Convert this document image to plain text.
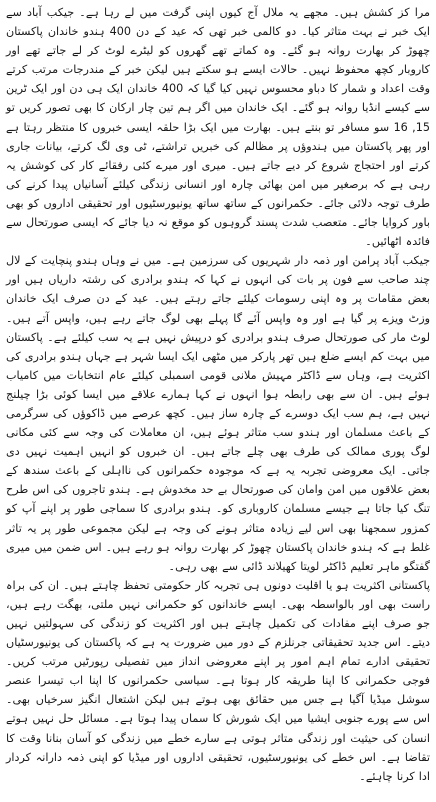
مرا کز کشش ہیں۔ مجھے یہ ملال آج کیوں اپنی گرفت میں لے رہا ہے۔ جیکب آباد سے ایک خبر نے بہت متاثر کیا۔ دو کالمی خبر تھی کہ عید کے دن 400 ہندو خاندان پاکستان چھوڑ کر بھارت روانہ ہو گئے۔ وہ کماتے تھے گھروں کو لیٹرے لوٹ کر لے جاتے تھے اور کاروبار کچھ محفوظ نہیں۔ حالات ایسے ہو سکتے ہیں لیکن خبر کے مندرجات مرتب کرتے وقت اعداد و شمار کا دباو محسوس نہیں کیا گیا کہ 400 خاندان ایک ہی دن اور ایک ٹرین سے کیسے انڈیا روانہ ہو گئے۔ ایک خاندان میں اگر ہم تین چار ارکان کا بھی تصور کریں تو 15, 16 سو مسافر تو بنتے ہیں۔ بھارت میں ایک بڑا حلقہ ایسی خبروں کا منتظر رہتا ہے اور پھر پاکستان میں ہندوؤں پر مظالم کی خبریں تراشتے، ٹی وی لگ کرتے، بیانات جاری کرتے اور احتجاج شروع کر دیے جاتے ہیں۔ میری اور میرے کئی رفقائے کار کی کوشش یہ رہی ہے کہ برصغیر میں امن بھائی چارہ اور انسانی زندگی کیلئے آسانیاں پیدا کرنے کی طرف توجہ دلائی جائے۔ حکمرانوں کے ساتھ ساتھ یونیورسٹیوں اور تحقیقی اداروں کو بھی باور کروایا جائے۔ متعصب شدت پسند گروہوں کو موقع نہ دیا جائے کہ ایسی صورتحال سے فائدہ اٹھائیں۔

جیکب آباد پرامن اور ذمہ دار شہریوں کی سرزمین ہے۔ میں نے وہاں ہندو پنچایت کے لال چند صاحب سے فون پر بات کی انہوں نے کہا کہ ہندو برادری کی رشتہ داریاں ہیں اور بعض مقامات پر وہ اپنی رسومات کیلئے جاتے رہتے ہیں۔ عید کے دن صرف ایک خاندان وزٹ ویزے پر گیا ہے اور وہ واپس آئے گا پہلے بھی لوگ جاتے رہے ہیں، واپس آتے ہیں۔ لوٹ مار کی صورتحال صرف ہندو برادری کو درپیش نہیں ہے یہ سب کیلئے ہے۔ پاکستان میں بہت کم ایسے ضلع ہیں تھر پارکر میں مٹھی ایک ایسا شہر ہے جہاں ہندو برادری کی اکثریت ہے، وہاں سے ڈاکٹر مہیش ملانی قومی اسمبلی کیلئے عام انتخابات میں کامیاب ہوئے ہیں۔ ان سے بھی رابطہ ہوا انہوں نے کہا ہمارے علاقے میں ایسا کوئی بڑا چیلنج نہیں ہے، ہم سب ایک دوسرے کے چارہ ساز ہیں۔ کچھ عرصے میں ڈاکوؤں کی سرگرمی کے باعث مسلمان اور ہندو سب متاثر ہوئے ہیں، ان معاملات کی وجہ سے کئی مکانی لوگ پوری ممالک کی طرف بھی چلے جاتے ہیں۔ ان خبروں کو انہیں اہمیت نہیں دی جاتی۔ ایک معروضی تجربہ یہ ہے کہ موجودہ حکمرانوں کی نااہلی کے باعث سندھ کے بعض علاقوں میں امن وامان کی صورتحال بے حد مخدوش ہے۔ ہندو تاجروں کی اس طرح تنگ کیا جاتا ہے جیسے مسلمان کاروباری کو۔ ہندو برادری کا سماجی طور پر اپنے آپ کو کمزور سمجھنا بھی اس لیے زیادہ متاثر ہونے کی وجہ ہے لیکن مجموعی طور پر یہ تاثر غلط ہے کہ ہندو خاندان پاکستان چھوڑ کر بھارت روانہ ہو رہے ہیں۔ اس ضمن میں میری گفتگو ماہر تعلیم ڈاکٹر لویتا کھیلاند ڈائی سے بھی رہی۔

پاکستانی اکثریت ہو یا اقلیت دونوں ہی تجربہ کار حکومتی تحفظ چاہتے ہیں۔ ان کی براہ راست بھی اور بالواسطہ بھی۔ ایسے خاندانوں کو حکمرانی نہیں ملتی، بھگت رہے ہیں، جو صرف اپنے مفادات کی تکمیل چاہتے ہیں اور اکثریت کو زندگی کی سہولتیں نہیں دیتے۔ اس جدید تحقیقاتی جرنلزم کے دور میں ضرورت یہ ہے کہ پاکستان کی یونیورسٹیاں تحقیقی ادارے تمام اہم امور پر اپنے معروضی انداز میں تفصیلی رپورٹیں مرتب کریں۔ فوجی حکمرانی کا اپنا طریقہ کار ہوتا ہے۔ سیاسی حکمرانوں کا اپنا اب تیسرا عنصر سوشل میڈیا آگیا ہے جس میں حقائق بھی ہوتے ہیں لیکن اشتعال انگیز سرخیاں بھی۔ اس سے پورے جنوبی ایشیا میں ایک شورش کا سماں پیدا ہوتا ہے۔ مسائل حل نہیں ہوتے انسان کی حیثیت اور زندگی متاثر ہوتی ہے سارے خطے میں زندگی کو آسان بنانا وقت کا تقاضا ہے۔ اس خطے کی یونیورسٹیوں، تحقیقی اداروں اور میڈیا کو اپنی ذمہ دارانہ کردار ادا کرنا چاہئے۔
